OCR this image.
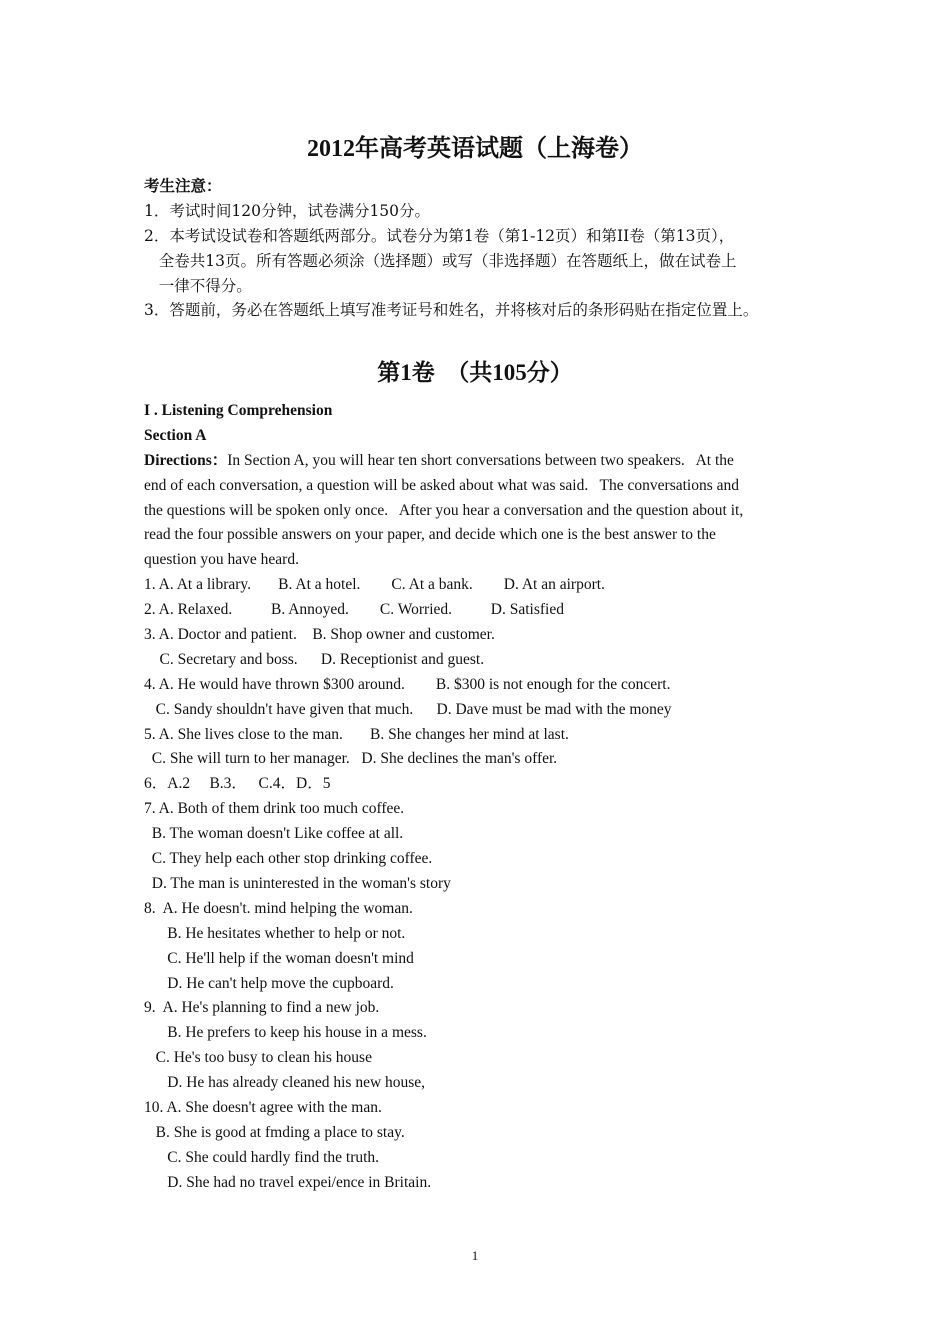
2012年高考英语试题（上海卷）
考生注意：
1．考试时间120分钟，试卷满分150分。
2．本考试设试卷和答题纸两部分。试卷分为第1卷（第1-12页）和第II卷（第13页），
全卷共13页。所有答题必须涂（选择题）或写（非选择题）在答题纸上，做在试卷上
一律不得分。
3．答题前，务必在答题纸上填写准考证号和姓名，并将核对后的条形码贴在指定位置上。
第1卷　（共105分）
I . Listening Comprehension
Section A
Directions：In Section A, you will hear ten short conversations between two speakers.   At the
end of each conversation, a question will be asked about what was said.   The conversations and
the questions will be spoken only once.   After you hear a conversation and the question about it,
read the four possible answers on your paper, and decide which one is the best answer to the
question you have heard.
1. A. At a library.       B. At a hotel.        C. At a bank.        D. At an airport.
2. A. Relaxed.          B. Annoyed.        C. Worried.          D. Satisfied
3. A. Doctor and patient.    B. Shop owner and customer.
C. Secretary and boss.      D. Receptionist and guest.
4. A. He would have thrown $300 around.        B. $300 is not enough for the concert.
C. Sandy shouldn't have given that much.      D. Dave must be mad with the money
5. A. She lives close to the man.       B. She changes her mind at last.
C. She will turn to her manager.   D. She declines the man's offer.
6．A.2     B.3．   C.4．D．5
7. A. Both of them drink too much coffee.
B. The woman doesn't Like coffee at all.
C. They help each other stop drinking coffee.
D. The man is uninterested in the woman's story
8.  A. He doesn't. mind helping the woman.
B. He hesitates whether to help or not.
C. He'll help if the woman doesn't mind
D. He can't help move the cupboard.
9.  A. He's planning to find a new job.
B. He prefers to keep his house in a mess.
C. He's too busy to clean his house
D. He has already cleaned his new house,
10. A. She doesn't agree with the man.
B. She is good at fmding a place to stay.
C. She could hardly find the truth.
D. She had no travel expei/ence in Britain.
1
